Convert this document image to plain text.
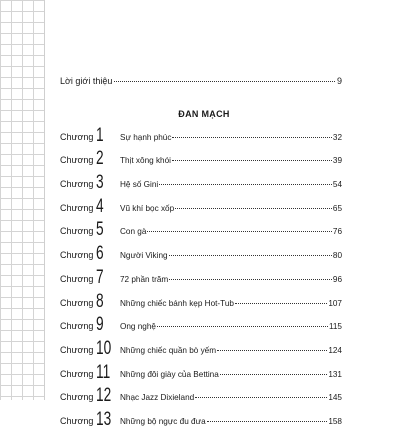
Lời giới thiệu	9
ĐAN MẠCH
Chương 1 Sự hạnh phúc	32
Chương 2 Thịt xông khói	39
Chương 3 Hệ số Gini	54
Chương 4 Vũ khí bọc xốp	65
Chương 5 Con gà	76
Chương 6 Người Viking	80
Chương 7 72 phần trăm	96
Chương 8 Những chiếc bánh kẹp Hot-Tub	107
Chương 9 Ong nghệ	115
Chương 10 Những chiếc quần bò yếm	124
Chương 11 Những đôi giày của Bettina	131
Chương 12 Nhạc Jazz Dixieland	145
Chương 13 Những bộ ngực đu đưa	158
